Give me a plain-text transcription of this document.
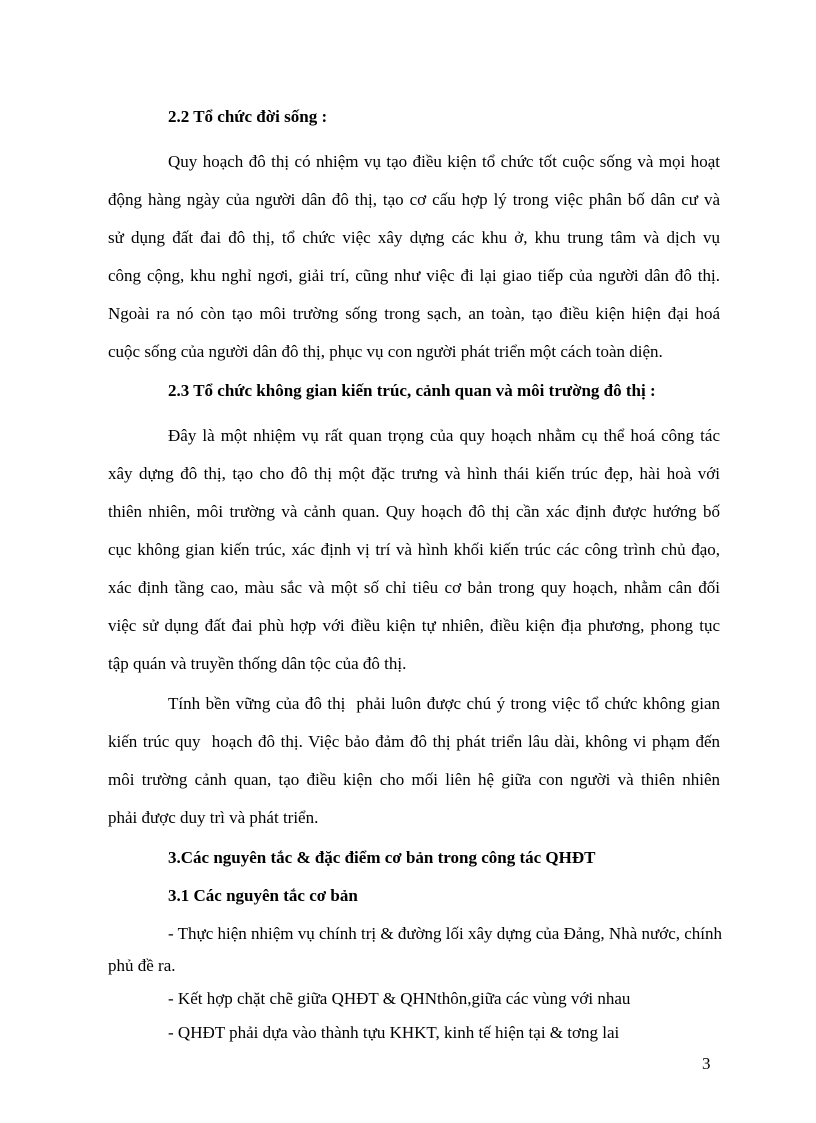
2.2 Tổ chức đời sống :
Quy hoạch đô thị có nhiệm vụ tạo điều kiện tổ chức tốt cuộc sống và mọi hoạt
động hàng ngày của người dân đô thị, tạo cơ cấu hợp lý trong việc phân bố dân cư và
sử dụng đất đai đô thị, tổ chức việc xây dựng các khu ở, khu trung tâm và dịch vụ
công cộng, khu nghỉ ngơi, giải trí, cũng như việc đi lại giao tiếp của người dân đô thị.
Ngoài ra nó còn tạo môi trường sống trong sạch, an toàn, tạo điều kiện hiện đại hoá
cuộc sống của người dân đô thị, phục vụ con người phát triển một cách toàn diện.
2.3 Tổ chức không gian kiến trúc, cảnh quan và môi trường đô thị :
Đây là một nhiệm vụ rất quan trọng của quy hoạch nhằm cụ thể hoá công tác
xây dựng đô thị, tạo cho đô thị một đặc trưng và hình thái kiến trúc đẹp, hài hoà với
thiên nhiên, môi trường và cảnh quan. Quy hoạch đô thị cần xác định được hướng bố
cục không gian kiến trúc, xác định vị trí và hình khối kiến trúc các công trình chủ đạo,
xác định tầng cao, màu sắc và một số chỉ tiêu cơ bản trong quy hoạch, nhằm cân đối
việc sử dụng đất đai phù hợp với điều kiện tự nhiên, điều kiện địa phương, phong tục
tập quán và truyền thống dân tộc của đô thị.
Tính bền vững của đô thị  phải luôn được chú ý trong việc tổ chức không gian
kiến trúc quy  hoạch đô thị. Việc bảo đảm đô thị phát triển lâu dài, không vi phạm đến
môi trường cảnh quan, tạo điều kiện cho mối liên hệ giữa con người và thiên nhiên
phải được duy trì và phát triển.
3.Các nguyên tắc & đặc điểm cơ bản trong công tác QHĐT
3.1 Các nguyên tắc cơ bản
- Thực hiện nhiệm vụ chính trị & đường lối xây dựng của Đảng, Nhà nước, chính
phủ đề ra.
- Kết hợp chặt chẽ giữa QHĐT & QHNthôn,giữa các vùng với nhau
- QHĐT phải dựa vào thành tựu KHKT, kinh tế hiện tại & tơng lai
3
